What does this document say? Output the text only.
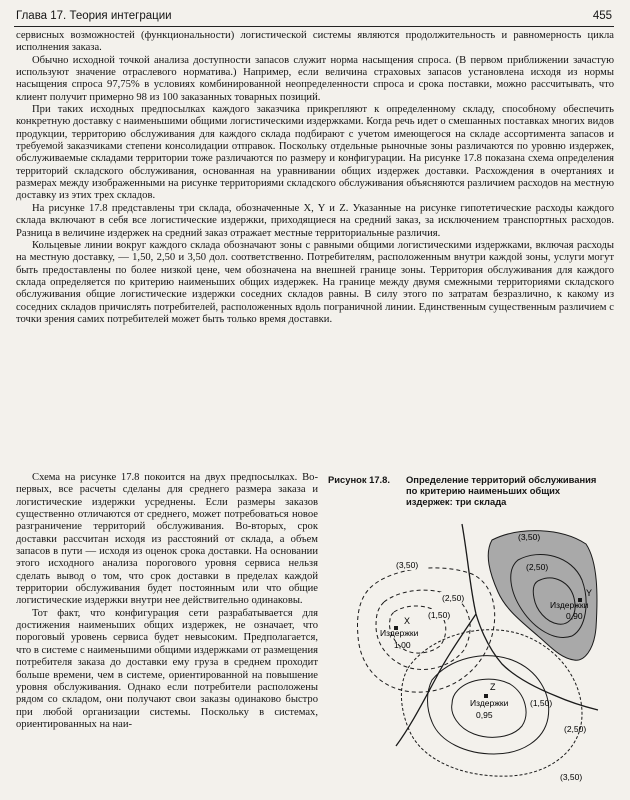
Глава 17. Теория интеграции	455

сервисных возможностей (функциональности) логистической системы являются продолжительность и равномерность цикла исполнения заказа.

Обычно исходной точкой анализа доступности запасов служит норма насыщения спроса. (В первом приближении зачастую используют значение отраслевого норматива.) Например, если величина страховых запасов установлена исходя из нормы насыщения спроса 97,75% в условиях комбинированной неопределенности спроса и срока поставки, можно рассчитывать, что клиент получит примерно 98 из 100 заказанных товарных позиций.

При таких исходных предпосылках каждого заказчика прикрепляют к определенному складу, способному обеспечить конкретную доставку с наименьшими общими логистическими издержками. Когда речь идет о смешанных поставках многих видов продукции, территорию обслуживания для каждого склада подбирают с учетом имеющегося на складе ассортимента запасов и требуемой заказчиками степени консолидации отправок. Поскольку отдельные рыночные зоны различаются по уровню издержек, обслуживаемые складами территории тоже различаются по размеру и конфигурации. На рисунке 17.8 показана схема определения территорий складского обслуживания, основанная на уравнивании общих издержек доставки. Расхождения в очертаниях и размерах между изображенными на рисунке территориями складского обслуживания объясняются различием расходов на местную доставку из этих трех складов.

На рисунке 17.8 представлены три склада, обозначенные X, Y и Z. Указанные на рисунке гипотетические расходы каждого склада включают в себя все логистические издержки, приходящиеся на средний заказ, за исключением транспортных расходов. Разница в величине издержек на средний заказ отражает местные территориальные различия.

Кольцевые линии вокруг каждого склада обозначают зоны с равными общими логистическими издержками, включая расходы на местную доставку, — 1,50, 2,50 и 3,50 дол. соответственно. Потребителям, расположенным внутри каждой зоны, услуги могут быть предоставлены по более низкой цене, чем обозначена на внешней границе зоны. Территория обслуживания для каждого склада определяется по критерию наименьших общих издержек. На границе между двумя смежными территориями складского обслуживания общие логистические издержки соседних складов равны. В силу этого по затратам безразлично, к какому из соседних складов причислять потребителей, расположенных вдоль пограничной линии. Единственным существенным различием с точки зрения самих потребителей может быть только время доставки.

Схема на рисунке 17.8 покоится на двух предпосылках. Во-первых, все расчеты сделаны для среднего размера заказа и логистические издержки усреднены. Если размеры заказов существенно отличаются от среднего, может потребоваться новое разграничение территорий обслуживания. Во-вторых, срок доставки рассчитан исходя из расстояний от склада, а объем запасов в пути — исходя из оценок срока доставки. На основании этого исходного анализа порогового уровня сервиса нельзя сделать вывод о том, что срок доставки в пределах каждой территории обслуживания будет постоянным или что общие логистические издержки внутри нее действительно одинаковы.

Тот факт, что конфигурация сети разрабатывается для достижения наименьших общих издержек, не означает, что пороговый уровень сервиса будет невысоким. Предполагается, что в системе с наименьшими общими издержками от размещения потребителя заказа до доставки ему груза в среднем проходит больше времени, чем в системе, ориентированной на повышение уровня обслуживания. Однако если потребители расположены рядом со складом, они получают свои заказы одинаково быстро при любой организации системы. Поскольку в системах, ориентированных на наи-

Рисунок 17.8.	Определение территорий обслуживания по критерию наименьших общих издержек: три склада
X
Издержки
1,00
Y
Издержки
0,90
Z
Издержки
0,95
(3,50)
(2,50)
(1,50)
(3,50)
(2,50)
(3,50)
(2,50)
(1,50)
